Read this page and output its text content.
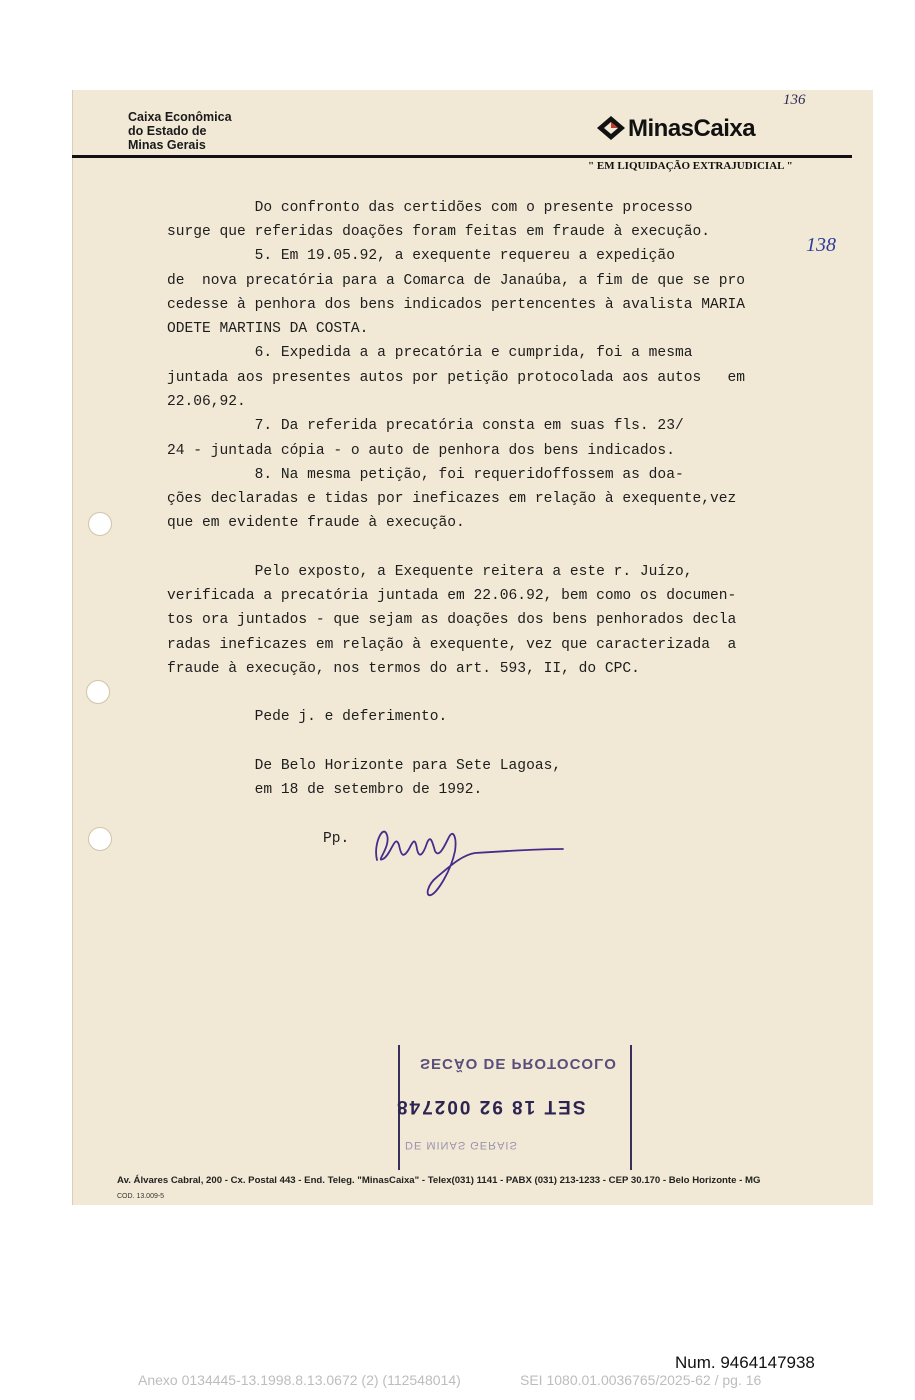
Caixa Econômica
do Estado de
Minas Gerais
MinasCaixa
136
" EM LIQUIDAÇÃO EXTRAJUDICIAL "
138

Do confronto das certidões com o presente processo

surge que referidas doações foram feitas em fraude à execução.

5. Em 19.05.92, a exequente requereu a expedição

de  nova precatória para a Comarca de Janaúba, a fim de que se pro

cedesse à penhora dos bens indicados pertencentes à avalista MARIA

ODETE MARTINS DA COSTA.

6. Expedida a a precatória e cumprida, foi a mesma

juntada aos presentes autos por petição protocolada aos autos   em

22.06,92.

7. Da referida precatória consta em suas fls. 23/

24 - juntada cópia - o auto de penhora dos bens indicados.

8. Na mesma petição, foi requeridoffossem as doa-

ções declaradas e tidas por ineficazes em relação à exequente,vez

que em evidente fraude à execução.

Pelo exposto, a Exequente reitera a este r. Juízo,

verificada a precatória juntada em 22.06.92, bem como os documen-

tos ora juntados - que sejam as doações dos bens penhorados decla

radas ineficazes em relação à exequente, vez que caracterizada  a

fraude à execução, nos termos do art. 593, II, do CPC.

Pede j. e deferimento.

De Belo Horizonte para Sete Lagoas,

em 18 de setembro de 1992.

Pp.
SECÃO DE PROTOCOLO
SET 18 92 002748
DE MINAS GERAIS
Av. Álvares Cabral, 200 - Cx. Postal 443 - End. Teleg. "MinasCaixa" - Telex(031) 1141 - PABX (031) 213-1233 - CEP 30.170 - Belo Horizonte - MG
COD. 13.009-5
Num. 9464147938
Anexo 0134445-13.1998.8.13.0672 (2) (112548014)	SEI 1080.01.0036765/2025-62 / pg. 16
